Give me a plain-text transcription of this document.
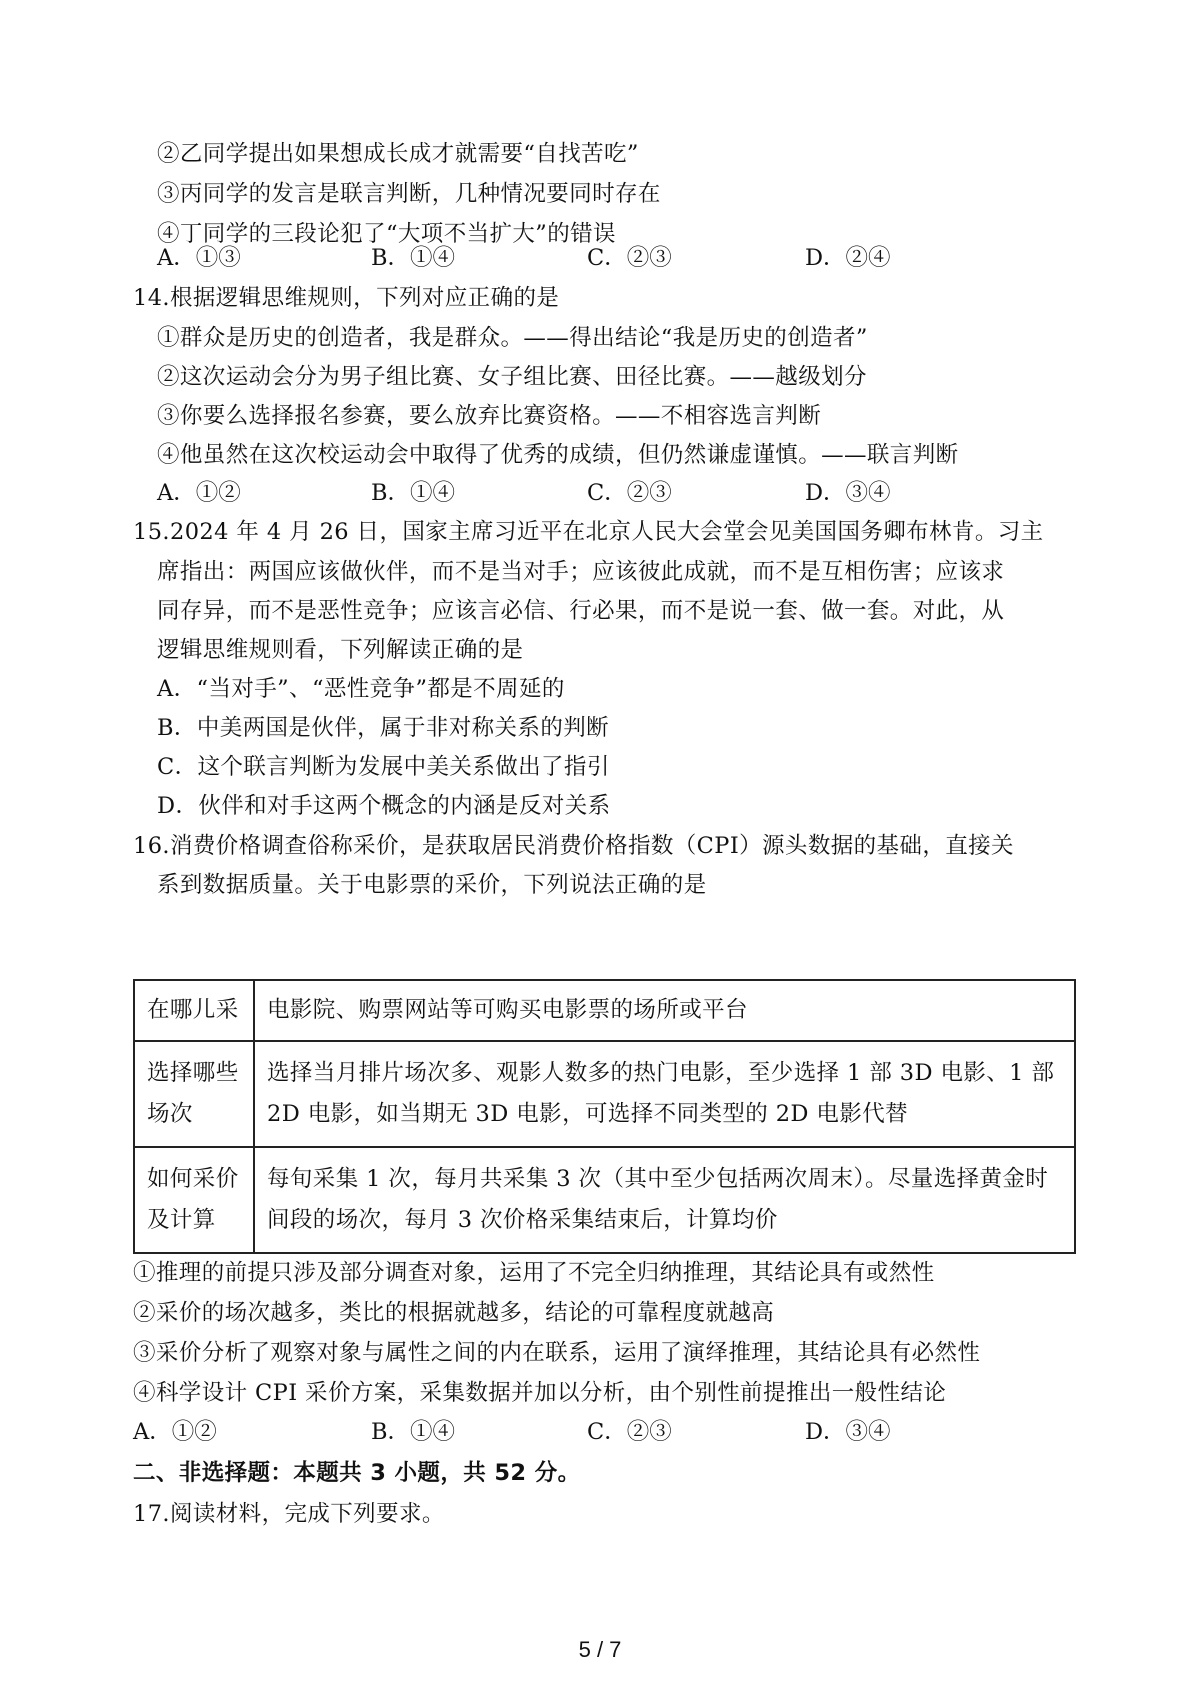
②乙同学提出如果想成长成才就需要“自找苦吃”
③丙同学的发言是联言判断，几种情况要同时存在
④丁同学的三段论犯了“大项不当扩大”的错误
A．①③	B．①④	C．②③	D．②④
14.根据逻辑思维规则，下列对应正确的是
①群众是历史的创造者，我是群众。——得出结论“我是历史的创造者”
②这次运动会分为男子组比赛、女子组比赛、田径比赛。——越级划分
③你要么选择报名参赛，要么放弃比赛资格。——不相容选言判断
④他虽然在这次校运动会中取得了优秀的成绩，但仍然谦虚谨慎。——联言判断
A．①②	B．①④	C．②③	D．③④
15.2024 年 4 月 26 日，国家主席习近平在北京人民大会堂会见美国国务卿布林肯。习主
席指出：两国应该做伙伴，而不是当对手；应该彼此成就，而不是互相伤害；应该求
同存异，而不是恶性竞争；应该言必信、行必果，而不是说一套、做一套。对此，从
逻辑思维规则看，下列解读正确的是
A．“当对手”、“恶性竞争”都是不周延的
B．中美两国是伙伴，属于非对称关系的判断
C．这个联言判断为发展中美关系做出了指引
D．伙伴和对手这两个概念的内涵是反对关系
16.消费价格调查俗称采价，是获取居民消费价格指数（CPI）源头数据的基础，直接关
系到数据质量。关于电影票的采价，下列说法正确的是
在哪儿采	电影院、购票网站等可购买电影票的场所或平台
选择哪些场次	选择当月排片场次多、观影人数多的热门电影，至少选择 1 部 3D 电影、1 部 2D 电影，如当期无 3D 电影，可选择不同类型的 2D 电影代替
如何采价及计算	每旬采集 1 次，每月共采集 3 次（其中至少包括两次周末）。尽量选择黄金时间段的场次，每月 3 次价格采集结束后，计算均价
①推理的前提只涉及部分调查对象，运用了不完全归纳推理，其结论具有或然性
②采价的场次越多，类比的根据就越多，结论的可靠程度就越高
③采价分析了观察对象与属性之间的内在联系，运用了演绎推理，其结论具有必然性
④科学设计 CPI 采价方案，采集数据并加以分析，由个别性前提推出一般性结论
A．①②	B．①④	C．②③	D．③④
二、非选择题：本题共 3 小题，共 52 分。
17.阅读材料，完成下列要求。
5 / 7
